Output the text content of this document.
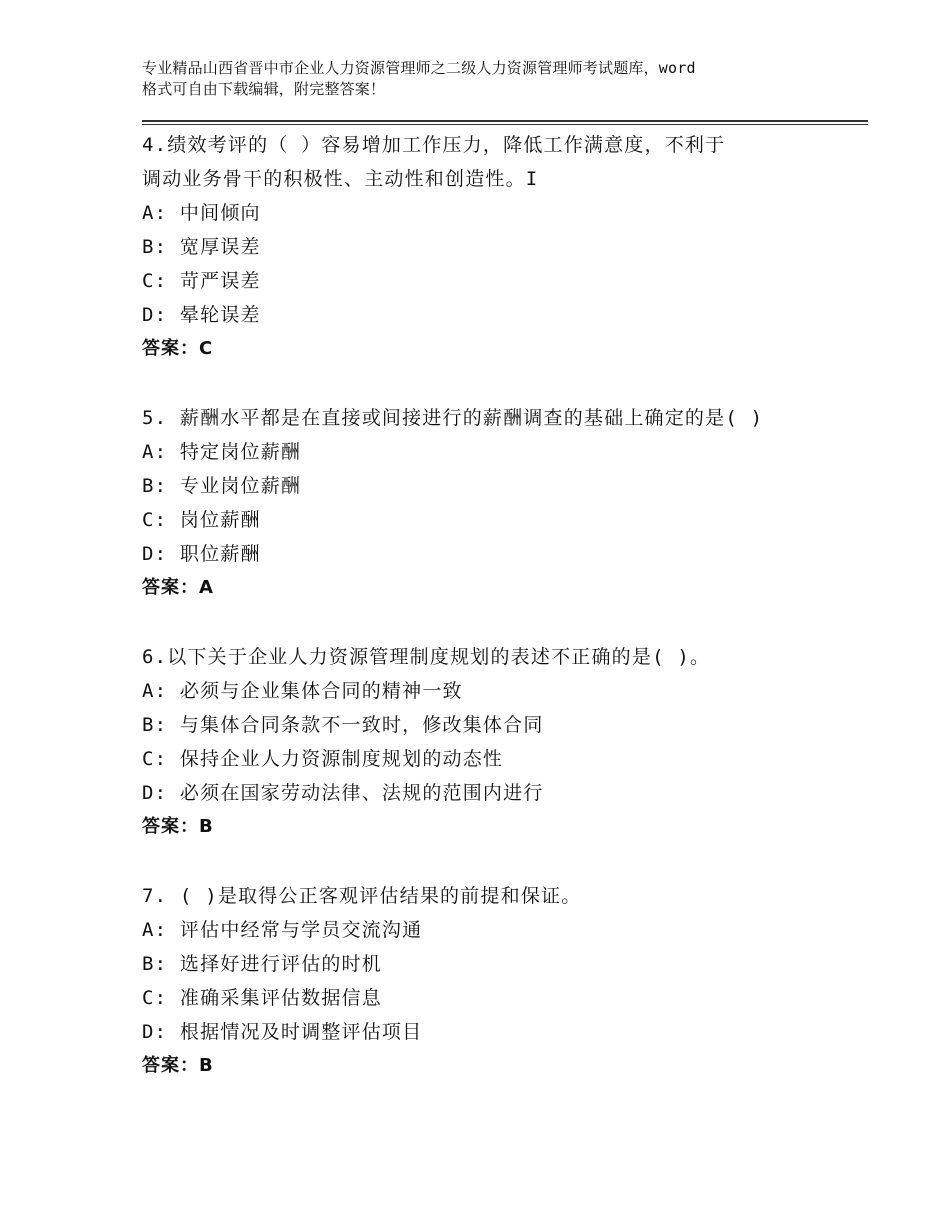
专业精品山西省晋中市企业人力资源管理师之二级人力资源管理师考试题库，word
格式可自由下载编辑，附完整答案！
4.绩效考评的（ ）容易增加工作压力，降低工作满意度，不利于
调动业务骨干的积极性、主动性和创造性。I
A: 中间倾向
B: 宽厚误差
C: 苛严误差
D: 晕轮误差
答案：C
5. 薪酬水平都是在直接或间接进行的薪酬调查的基础上确定的是( )
A: 特定岗位薪酬
B: 专业岗位薪酬
C: 岗位薪酬
D: 职位薪酬
答案：A
6.以下关于企业人力资源管理制度规划的表述不正确的是( )。
A: 必须与企业集体合同的精神一致
B: 与集体合同条款不一致时，修改集体合同
C: 保持企业人力资源制度规划的动态性
D: 必须在国家劳动法律、法规的范围内进行
答案：B
7. ( )是取得公正客观评估结果的前提和保证。
A: 评估中经常与学员交流沟通
B: 选择好进行评估的时机
C: 准确采集评估数据信息
D: 根据情况及时调整评估项目
答案：B
